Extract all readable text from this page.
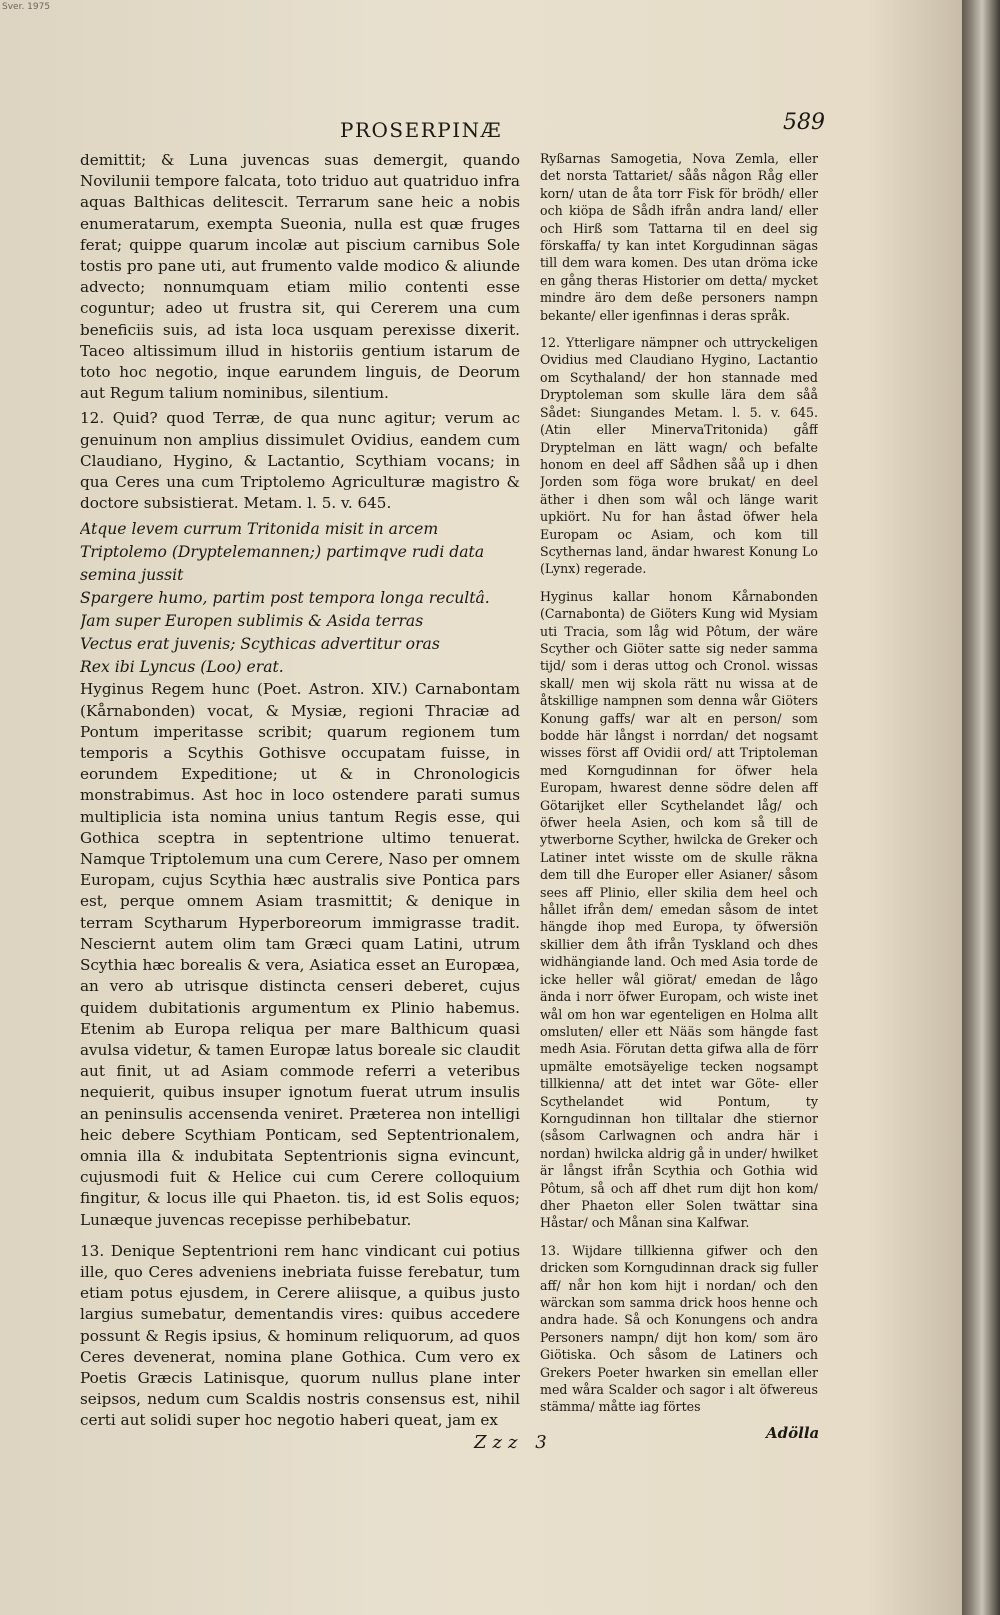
Sver. 1975
PROSERPINÆ	589

demittit; & Luna juvencas suas demergit, quando Novilunii tempore falcata, toto triduo aut quatriduo infra aquas Balthicas delitescit. Terrarum sane heic a nobis enumeratarum, exempta Sueonia, nulla est quæ fruges ferat; quippe quarum incolæ aut piscium carnibus Sole tostis pro pane uti, aut frumento valde modico & aliunde advecto; nonnumquam etiam milio contenti esse coguntur; adeo ut frustra sit, qui Cererem una cum beneficiis suis, ad ista loca usquam perexisse dixerit. Taceo altissimum illud in historiis gentium istarum de toto hoc negotio, inque earundem linguis, de Deorum aut Regum talium nominibus, silentium.

12. Quid? quod Terræ, de qua nunc agitur; verum ac genuinum non amplius dissimulet Ovidius, eandem cum Claudiano, Hygino, & Lactantio, Scythiam vocans; in qua Ceres una cum Triptolemo Agriculturæ magistro & doctore subsistierat. Metam. l. 5. v. 645.

Atque levem currum Tritonida misit in arcem

Triptolemo (Dryptelemannen;) partimqve rudi data semina jussit

Spargere humo, partim post tempora longa recultâ.

Jam super Europen sublimis & Asida terras

Vectus erat juvenis; Scythicas advertitur oras

Rex ibi Lyncus (Loo) erat.

Hyginus Regem hunc (Poet. Astron. XIV.) Carnabontam (Kårnabonden) vocat, & Mysiæ, regioni Thraciæ ad Pontum imperitasse scribit; quarum regionem tum temporis a Scythis Gothisve occupatam fuisse, in eorundem Expeditione; ut & in Chronologicis monstrabimus. Ast hoc in loco ostendere parati sumus multiplicia ista nomina unius tantum Regis esse, qui Gothica sceptra in septentrione ultimo tenuerat. Namque Triptolemum una cum Cerere, Naso per omnem Europam, cujus Scythia hæc australis sive Pontica pars est, perque omnem Asiam trasmittit; & denique in terram Scytharum Hyperboreorum immigrasse tradit. Nesciernt autem olim tam Græci quam Latini, utrum Scythia hæc borealis & vera, Asiatica esset an Europæa, an vero ab utrisque distincta censeri deberet, cujus quidem dubitationis argumentum ex Plinio habemus. Etenim ab Europa reliqua per mare Balthicum quasi avulsa videtur, & tamen Europæ latus boreale sic claudit aut finit, ut ad Asiam commode referri a veteribus nequierit, quibus insuper ignotum fuerat utrum insulis an peninsulis accensenda veniret. Præterea non intelligi heic debere Scythiam Ponticam, sed Septentrionalem, omnia illa & indubitata Septentrionis signa evincunt, cujusmodi fuit & Helice cui cum Cerere colloquium fingitur, & locus ille qui Phaeton. tis, id est Solis equos; Lunæque juvencas recepisse perhibebatur.

13. Denique Septentrioni rem hanc vindicant cui potius ille, quo Ceres adveniens inebriata fuisse ferebatur, tum etiam potus ejusdem, in Cerere aliisque, a quibus justo largius sumebatur, dementandis vires: quibus accedere possunt & Regis ipsius, & hominum reliquorum, ad quos Ceres devenerat, nomina plane Gothica. Cum vero ex Poetis Græcis Latinisque, quorum nullus plane inter seipsos, nedum cum Scaldis nostris consensus est, nihil certi aut solidi super hoc negotio haberi queat, jam ex

Ryßarnas Samogetia, Nova Zemla, eller det norsta Tattariet/ såås någon Råg eller korn/ utan de åta torr Fisk för brödh/ eller och kiöpa de Sådh ifrån andra land/ eller och Hirß som Tattarna til en deel sig förskaffa/ ty kan intet Korgudinnan sägas till dem wara komen. Des utan dröma icke en gång theras Historier om detta/ mycket mindre äro dem deße personers nampn bekante/ eller igenfinnas i deras språk.

12. Ytterligare nämpner och uttryckeligen Ovidius med Claudiano Hygino, Lactantio om Scythaland/ der hon stannade med Dryptoleman som skulle lära dem såå Sådet: Siungandes Metam. l. 5. v. 645. (Atin eller MinervaTritonida) gåff Dryptelman en lätt wagn/ och befalte honom en deel aff Sådhen såå up i dhen Jorden som föga wore brukat/ en deel äther i dhen som wål och länge warit upkiört. Nu for han åstad öfwer hela Europam oc Asiam, och kom till Scythernas land, ändar hwarest Konung Lo (Lynx) regerade.

Hyginus kallar honom Kårnabonden (Carnabonta) de Giöters Kung wid Mysiam uti Tracia, som låg wid Pôtum, der wäre Scyther och Giöter satte sig neder samma tijd/ som i deras uttog och Cronol. wissas skall/ men wij skola rätt nu wissa at de åtskillige nampnen som denna wår Giöters Konung gaffs/ war alt en person/ som bodde här långst i norrdan/ det nogsamt wisses först aff Ovidii ord/ att Triptoleman med Korngudinnan for öfwer hela Europam, hwarest denne södre delen aff Götarijket eller Scythelandet låg/ och öfwer heela Asien, och kom så till de ytwerborne Scyther, hwilcka de Greker och Latiner intet wisste om de skulle räkna dem till dhe Europer eller Asianer/ såsom sees aff Plinio, eller skilia dem heel och hållet ifrån dem/ emedan såsom de intet hängde ihop med Europa, ty öfwersiön skillier dem åth ifrån Tyskland och dhes widhängiande land. Och med Asia torde de icke heller wål giörat/ emedan de lågo ända i norr öfwer Europam, och wiste inet wål om hon war egenteligen en Holma allt omsluten/ eller ett Nääs som hängde fast medh Asia. Förutan detta gifwa alla de förr upmälte emotsäyelige tecken nogsampt tillkienna/ att det intet war Göte- eller Scythelandet wid Pontum, ty Korngudinnan hon tilltalar dhe stiernor (såsom Carlwagnen och andra här i nordan) hwilcka aldrig gå in under/ hwilket är långst ifrån Scythia och Gothia wid Pôtum, så och aff dhet rum dijt hon kom/ dher Phaeton eller Solen twättar sina Håstar/ och Månan sina Kalfwar.

13. Wijdare tillkienna gifwer och den dricken som Korngudinnan drack sig fuller aff/ når hon kom hijt i nordan/ och den wärckan som samma drick hoos henne och andra hade. Så och Konungens och andra Personers nampn/ dijt hon kom/ som äro Giötiska. Och såsom de Latiners och Grekers Poeter hwarken sin emellan eller med wåra Scalder och sagor i alt öfwereus stämma/ måtte iag förtes

Zzz 3	Adölla
